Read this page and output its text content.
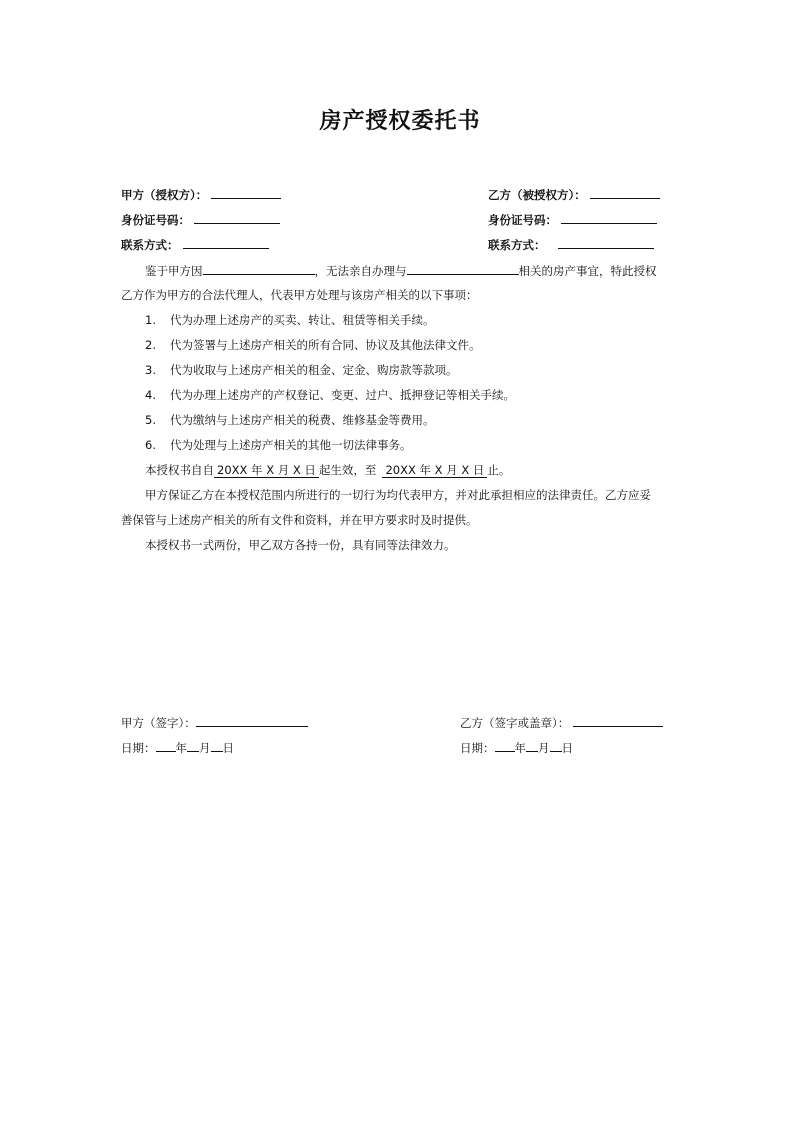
房产授权委托书
甲方（授权方）：	乙方（被授权方）：
身份证号码：	身份证号码：
联系方式：	联系方式：
鉴于甲方因	，无法亲自办理与	相关的房产事宜，特此授权
乙方作为甲方的合法代理人，代表甲方处理与该房产相关的以下事项：
1. 代为办理上述房产的买卖、转让、租赁等相关手续。
2. 代为签署与上述房产相关的所有合同、协议及其他法律文件。
3. 代为收取与上述房产相关的租金、定金、购房款等款项。
4. 代为办理上述房产的产权登记、变更、过户、抵押登记等相关手续。
5. 代为缴纳与上述房产相关的税费、维修基金等费用。
6. 代为处理与上述房产相关的其他一切法律事务。
本授权书自自 20XX 年 X 月 X 日 起生效，至 20XX 年 X 月 X 日 止。
甲方保证乙方在本授权范围内所进行的一切行为均代表甲方，并对此承担相应的法律责任。乙方应妥
善保管与上述房产相关的所有文件和资料，并在甲方要求时及时提供。
本授权书一式两份，甲乙双方各持一份，具有同等法律效力。
甲方（签字）：	乙方（签字或盖章）：
日期： 年 月 日	日期： 年 月 日
